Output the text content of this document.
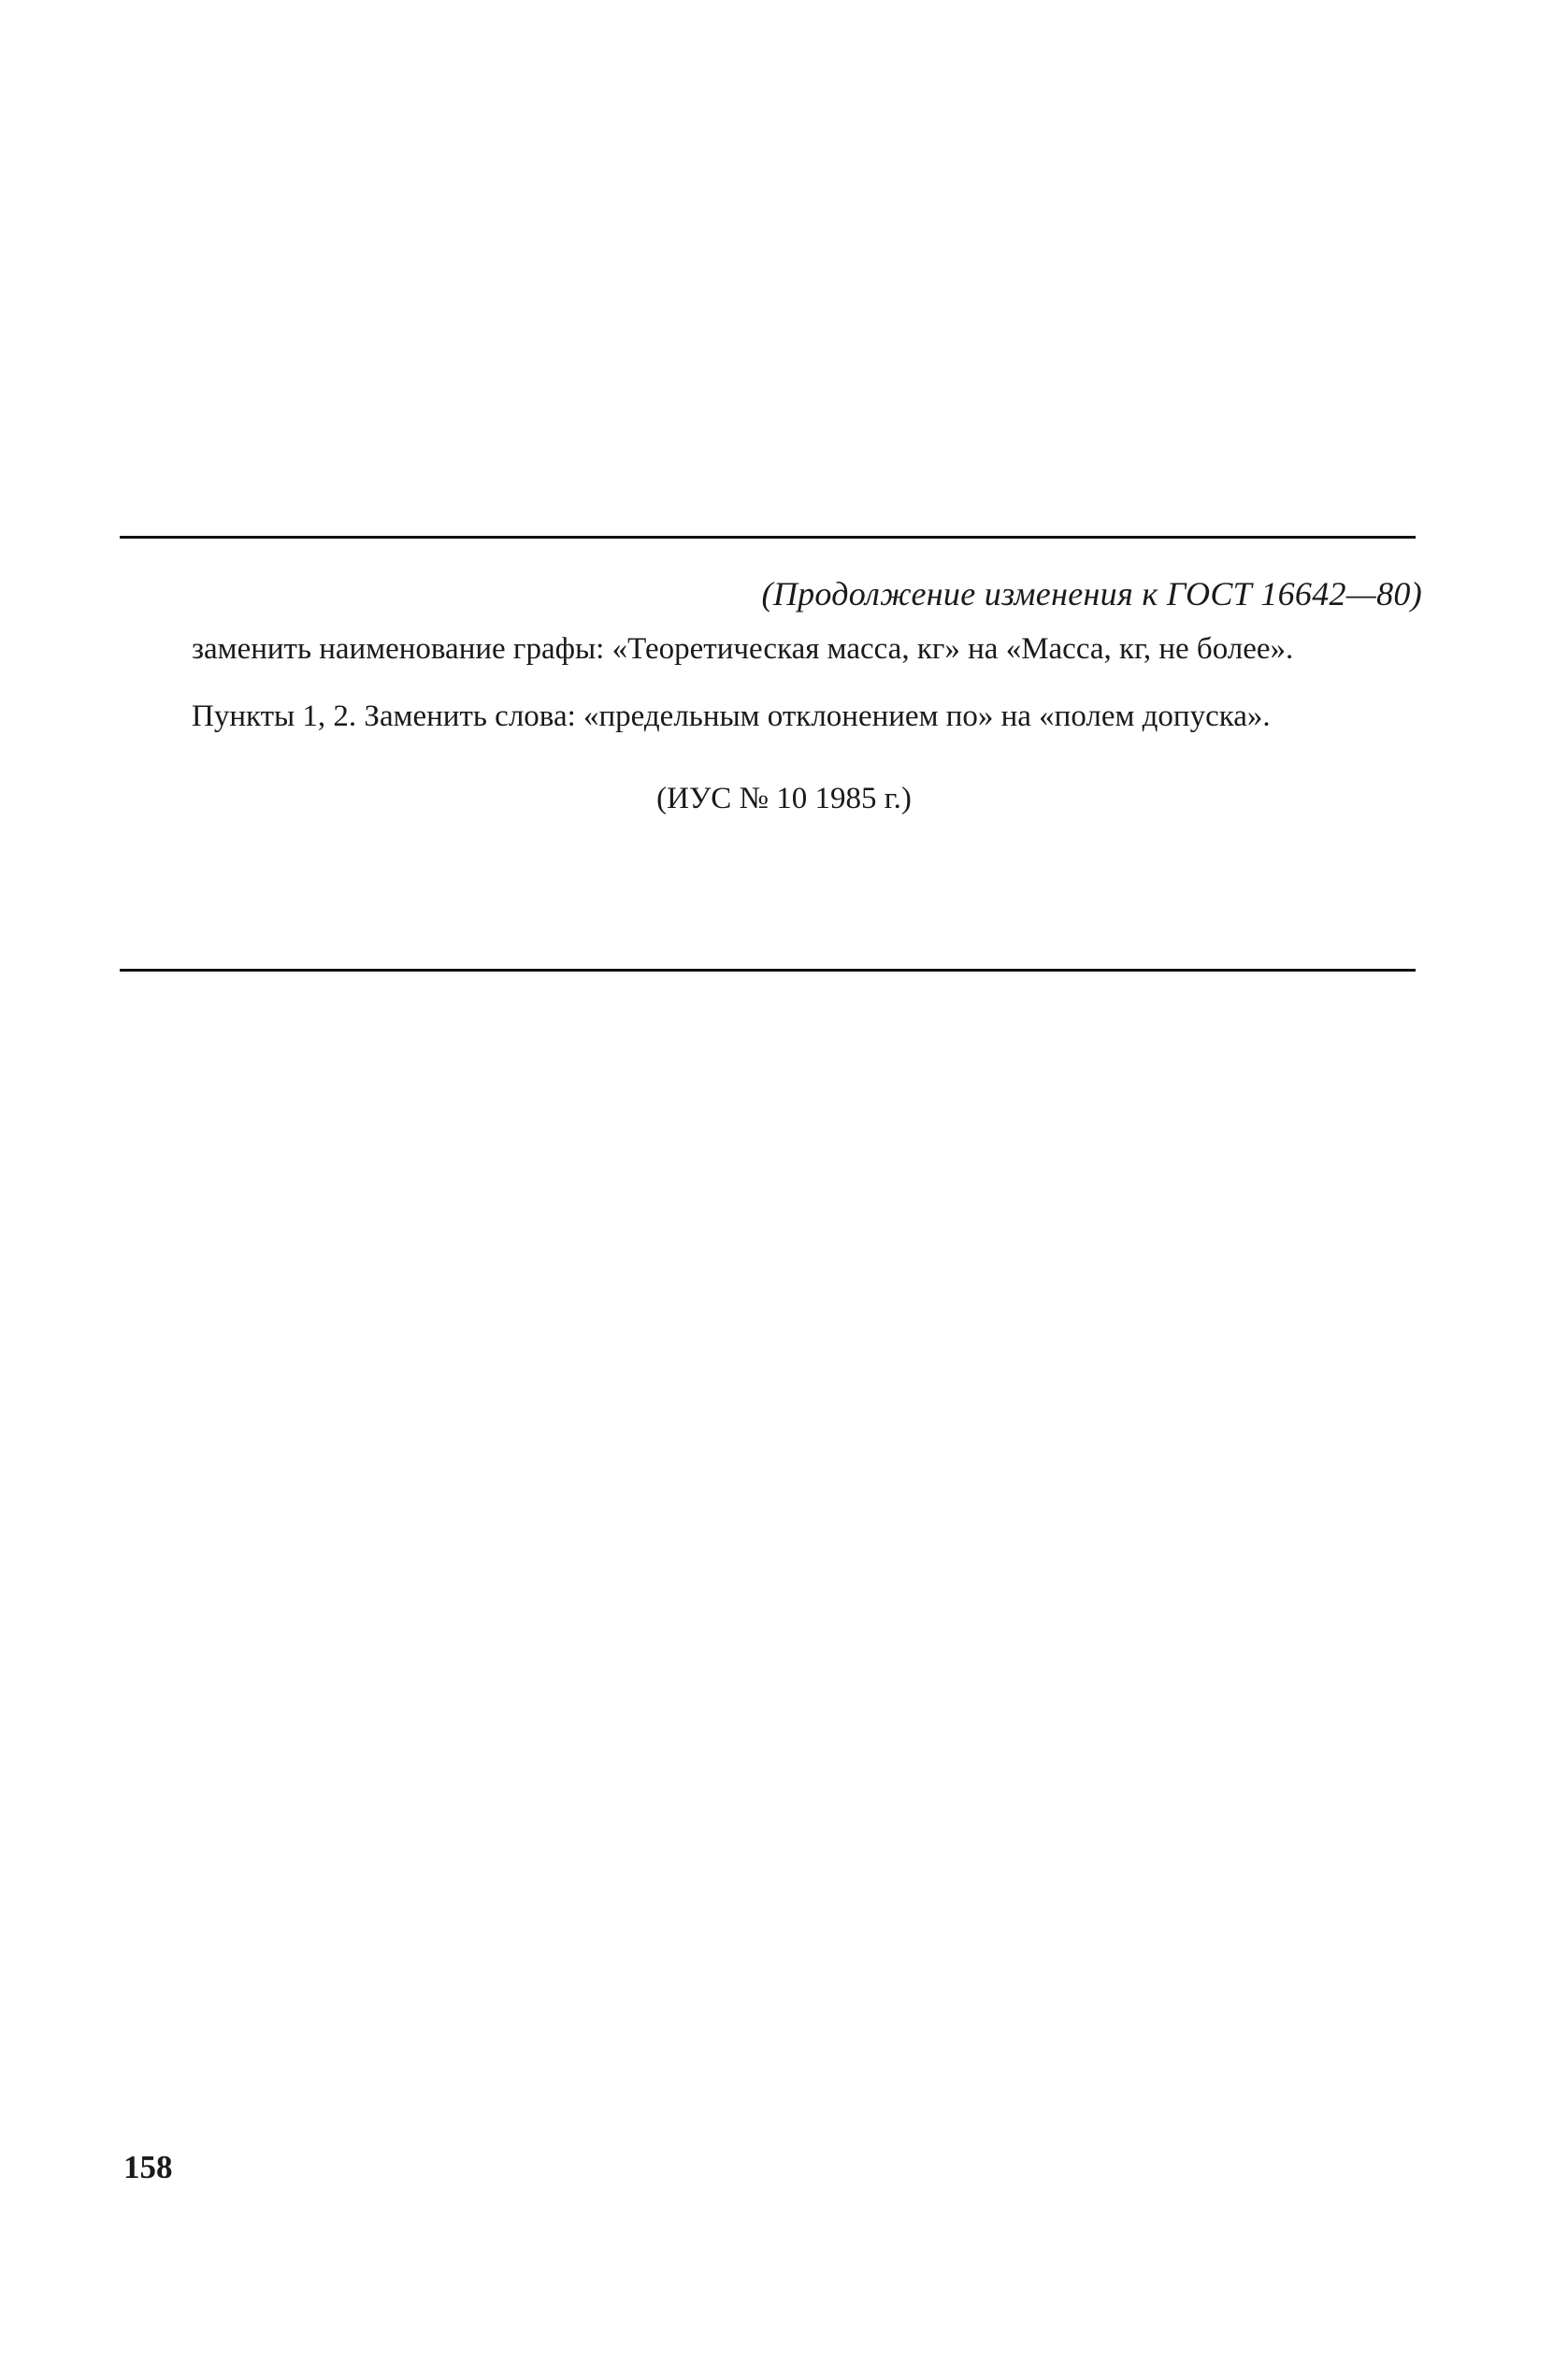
(Продолжение изменения к ГОСТ 16642—80)

заменить наименование графы: «Теоретическая масса, кг» на «Масса, кг, не более».

Пункты 1, 2. Заменить слова: «предельным отклонением по» на «полем допуска».

(ИУС № 10 1985 г.)
158
